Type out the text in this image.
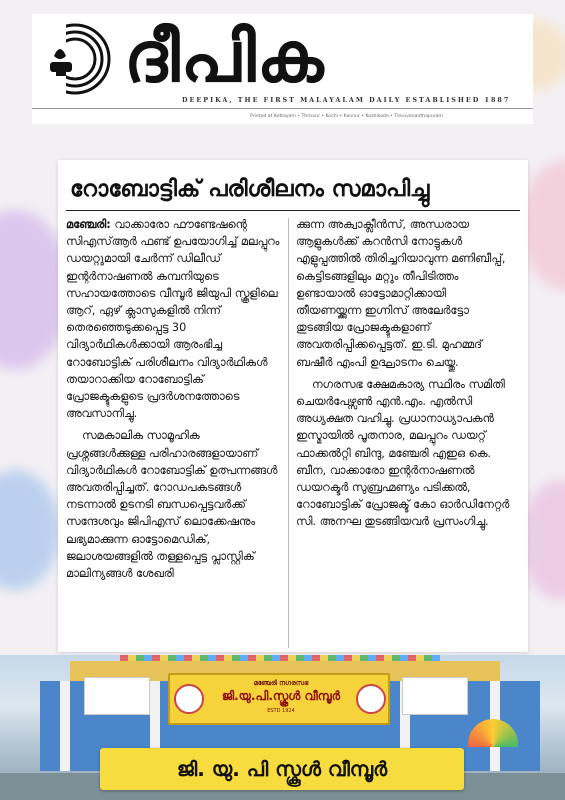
ദീപിക
DEEPIKA, THE FIRST MALAYALAM DAILY ESTABLISHED 1887
Printed at Kottayam • Thrissur • Kochi • Kannur • Kozhikode • Thiruvananthapuram
റോബോട്ടിക് പരിശീലനം സമാപിച്ചു

മഞ്ചേരി: വാക്കാരോ ഫൗണ്ടേഷന്റെ സിഎസ്ആർ ഫണ്ട് ഉപയോഗിച്ച് മലപ്പുറം ഡയറ്റുമായി ചേർന്ന് ഡിലീഡ് ഇന്റർനാഷണൽ കമ്പനിയുടെ സഹായത്തോടെ വീമ്പൂർ ജിയുപി സ്കൂളിലെ ആറ്, ഏഴ് ക്ലാസുകളിൽ നിന്ന് തെരഞ്ഞെടുക്കപ്പെട്ട 30 വിദ്യാർഥികൾക്കായി ആരംഭിച്ച റോബോട്ടിക് പരിശീലനം വിദ്യാർഥികൾ തയാറാക്കിയ റോബോട്ടിക് പ്രോജക്ടുകളുടെ പ്രദർശനത്തോടെ അവസാനിച്ചു.

സമകാലിക സാമൂഹിക പ്രശ്നങ്ങൾക്കുള്ള പരിഹാരങ്ങളായാണ് വിദ്യാർഥികൾ റോബോട്ടിക് ഉത്പന്നങ്ങൾ അവതരിപ്പിച്ചത്. റോഡപകടങ്ങൾ നടന്നാൽ ഉടനടി ബന്ധപ്പെട്ടവർക്ക് സന്ദേശവും ജിപിഎസ് ലൊക്കേഷനും ലഭ്യമാക്കുന്ന ഓട്ടോമെഡിക്, ജലാശയങ്ങളിൽ തള്ളപ്പെട്ട പ്ലാസ്റ്റിക് മാലിന്യങ്ങൾ ശേഖരി

ക്കുന്ന അക്വാക്ലീൻസ്, അന്ധരായ ആളുകൾക്ക് കറൻസി നോട്ടുകൾ എളുപ്പത്തിൽ തിരിച്ചറിയാവുന്ന മണിബീപ്പ്, കെട്ടിടങ്ങളിലും മറ്റും തീപിടിത്തം ഉണ്ടായാൽ ഓട്ടോമാറ്റിക്കായി തീയണയ്ക്കുന്ന ഇഗ്നിസ് അലേർട്ടോ തുടങ്ങിയ പ്രോജക്ടുകളാണ് അവതരിപ്പിക്കപ്പെട്ടത്. ഇ.ടി. മുഹമ്മദ് ബഷീർ എംപി ഉദ്ഘാടനം ചെയ്തു.

നഗരസഭ ക്ഷേമകാര്യ സ്ഥിരം സമിതി ചെയർപേഴ്സൺ എൻ.എം. എൽസി അധ്യക്ഷത വഹിച്ചു. പ്രധാനാധ്യാപകൻ ഇസ്മായിൽ പൂതനാര, മലപ്പുറം ഡയറ്റ് ഫാക്കൽറ്റി ബിന്ദു, മഞ്ചേരി എഇഒ കെ. ബീന, വാക്കാരോ ഇന്റർനാഷണൽ ഡയറക്ടർ സുബ്രഹ്മണ്യം പടിക്കൽ, റോബോട്ടിക് പ്രോജക്ട് കോ ഓർഡിനേറ്റർ സി. അനഘ തുടങ്ങിയവർ പ്രസംഗിച്ചു.

മഞ്ചേരി നഗരസഭ
ജി.യു.പി.സ്കൂൾ വീമ്പൂർ
ESTD 1924
ജി. യു. പി സ്കൂൾ വീമ്പൂർ
